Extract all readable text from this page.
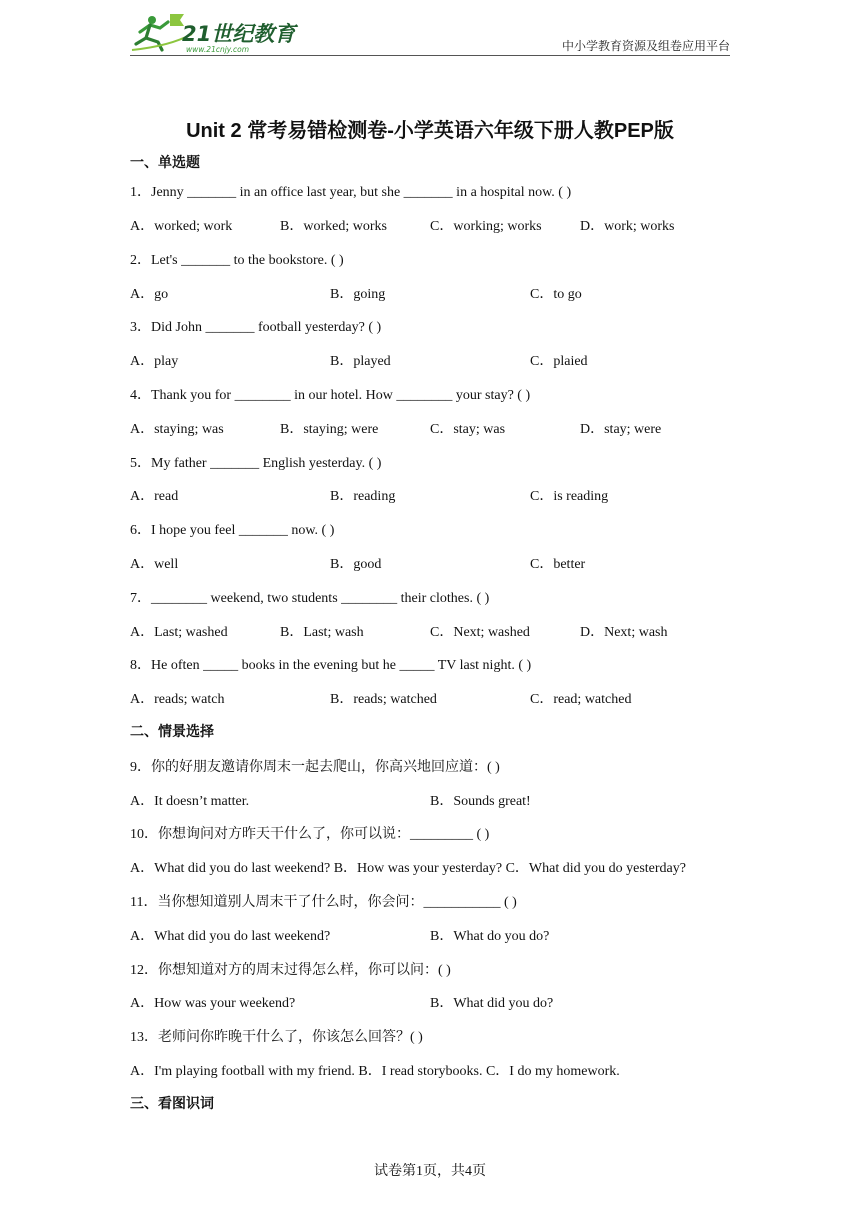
21世纪教育
www.21cnjy.com	中小学教育资源及组卷应用平台
Unit 2 常考易错检测卷-小学英语六年级下册人教PEP版
一、单选题
1．Jenny _______ in an office last year, but she _______ in a hospital now. ( )
A．worked; work	B．worked; works	C．working; works	D．work; works
2．Let's _______ to the bookstore. ( )
A．go	B．going	C．to go
3．Did John _______ football yesterday? ( )
A．play	B．played	C．plaied
4．Thank you for ________ in our hotel. How ________ your stay? ( )
A．staying; was	B．staying; were	C．stay; was	D．stay; were
5．My father _______ English yesterday. ( )
A．read	B．reading	C．is reading
6．I hope you feel _______ now. ( )
A．well	B．good	C．better
7．________ weekend, two students ________ their clothes. ( )
A．Last; washed	B．Last; wash	C．Next; washed	D．Next; wash
8．He often _____ books in the evening but he _____ TV last night. ( )
A．reads; watch	B．reads; watched	C．read; watched
二、情景选择
9．你的好朋友邀请你周末一起去爬山，你高兴地回应道：( )
A．It doesn’t matter.	B．Sounds great!
10．你想询问对方昨天干什么了，你可以说：_________ ( )
A．What did you do last weekend? B．How was your yesterday? C．What did you do yesterday?
11．当你想知道别人周末干了什么时，你会问：___________ ( )
A．What did you do last weekend?	B．What do you do?
12．你想知道对方的周末过得怎么样，你可以问：( )
A．How was your weekend?	B．What did you do?
13．老师问你昨晚干什么了，你该怎么回答？( )
A．I'm playing football with my friend. B．I read storybooks. C．I do my homework.
三、看图识词
试卷第1页，共4页
